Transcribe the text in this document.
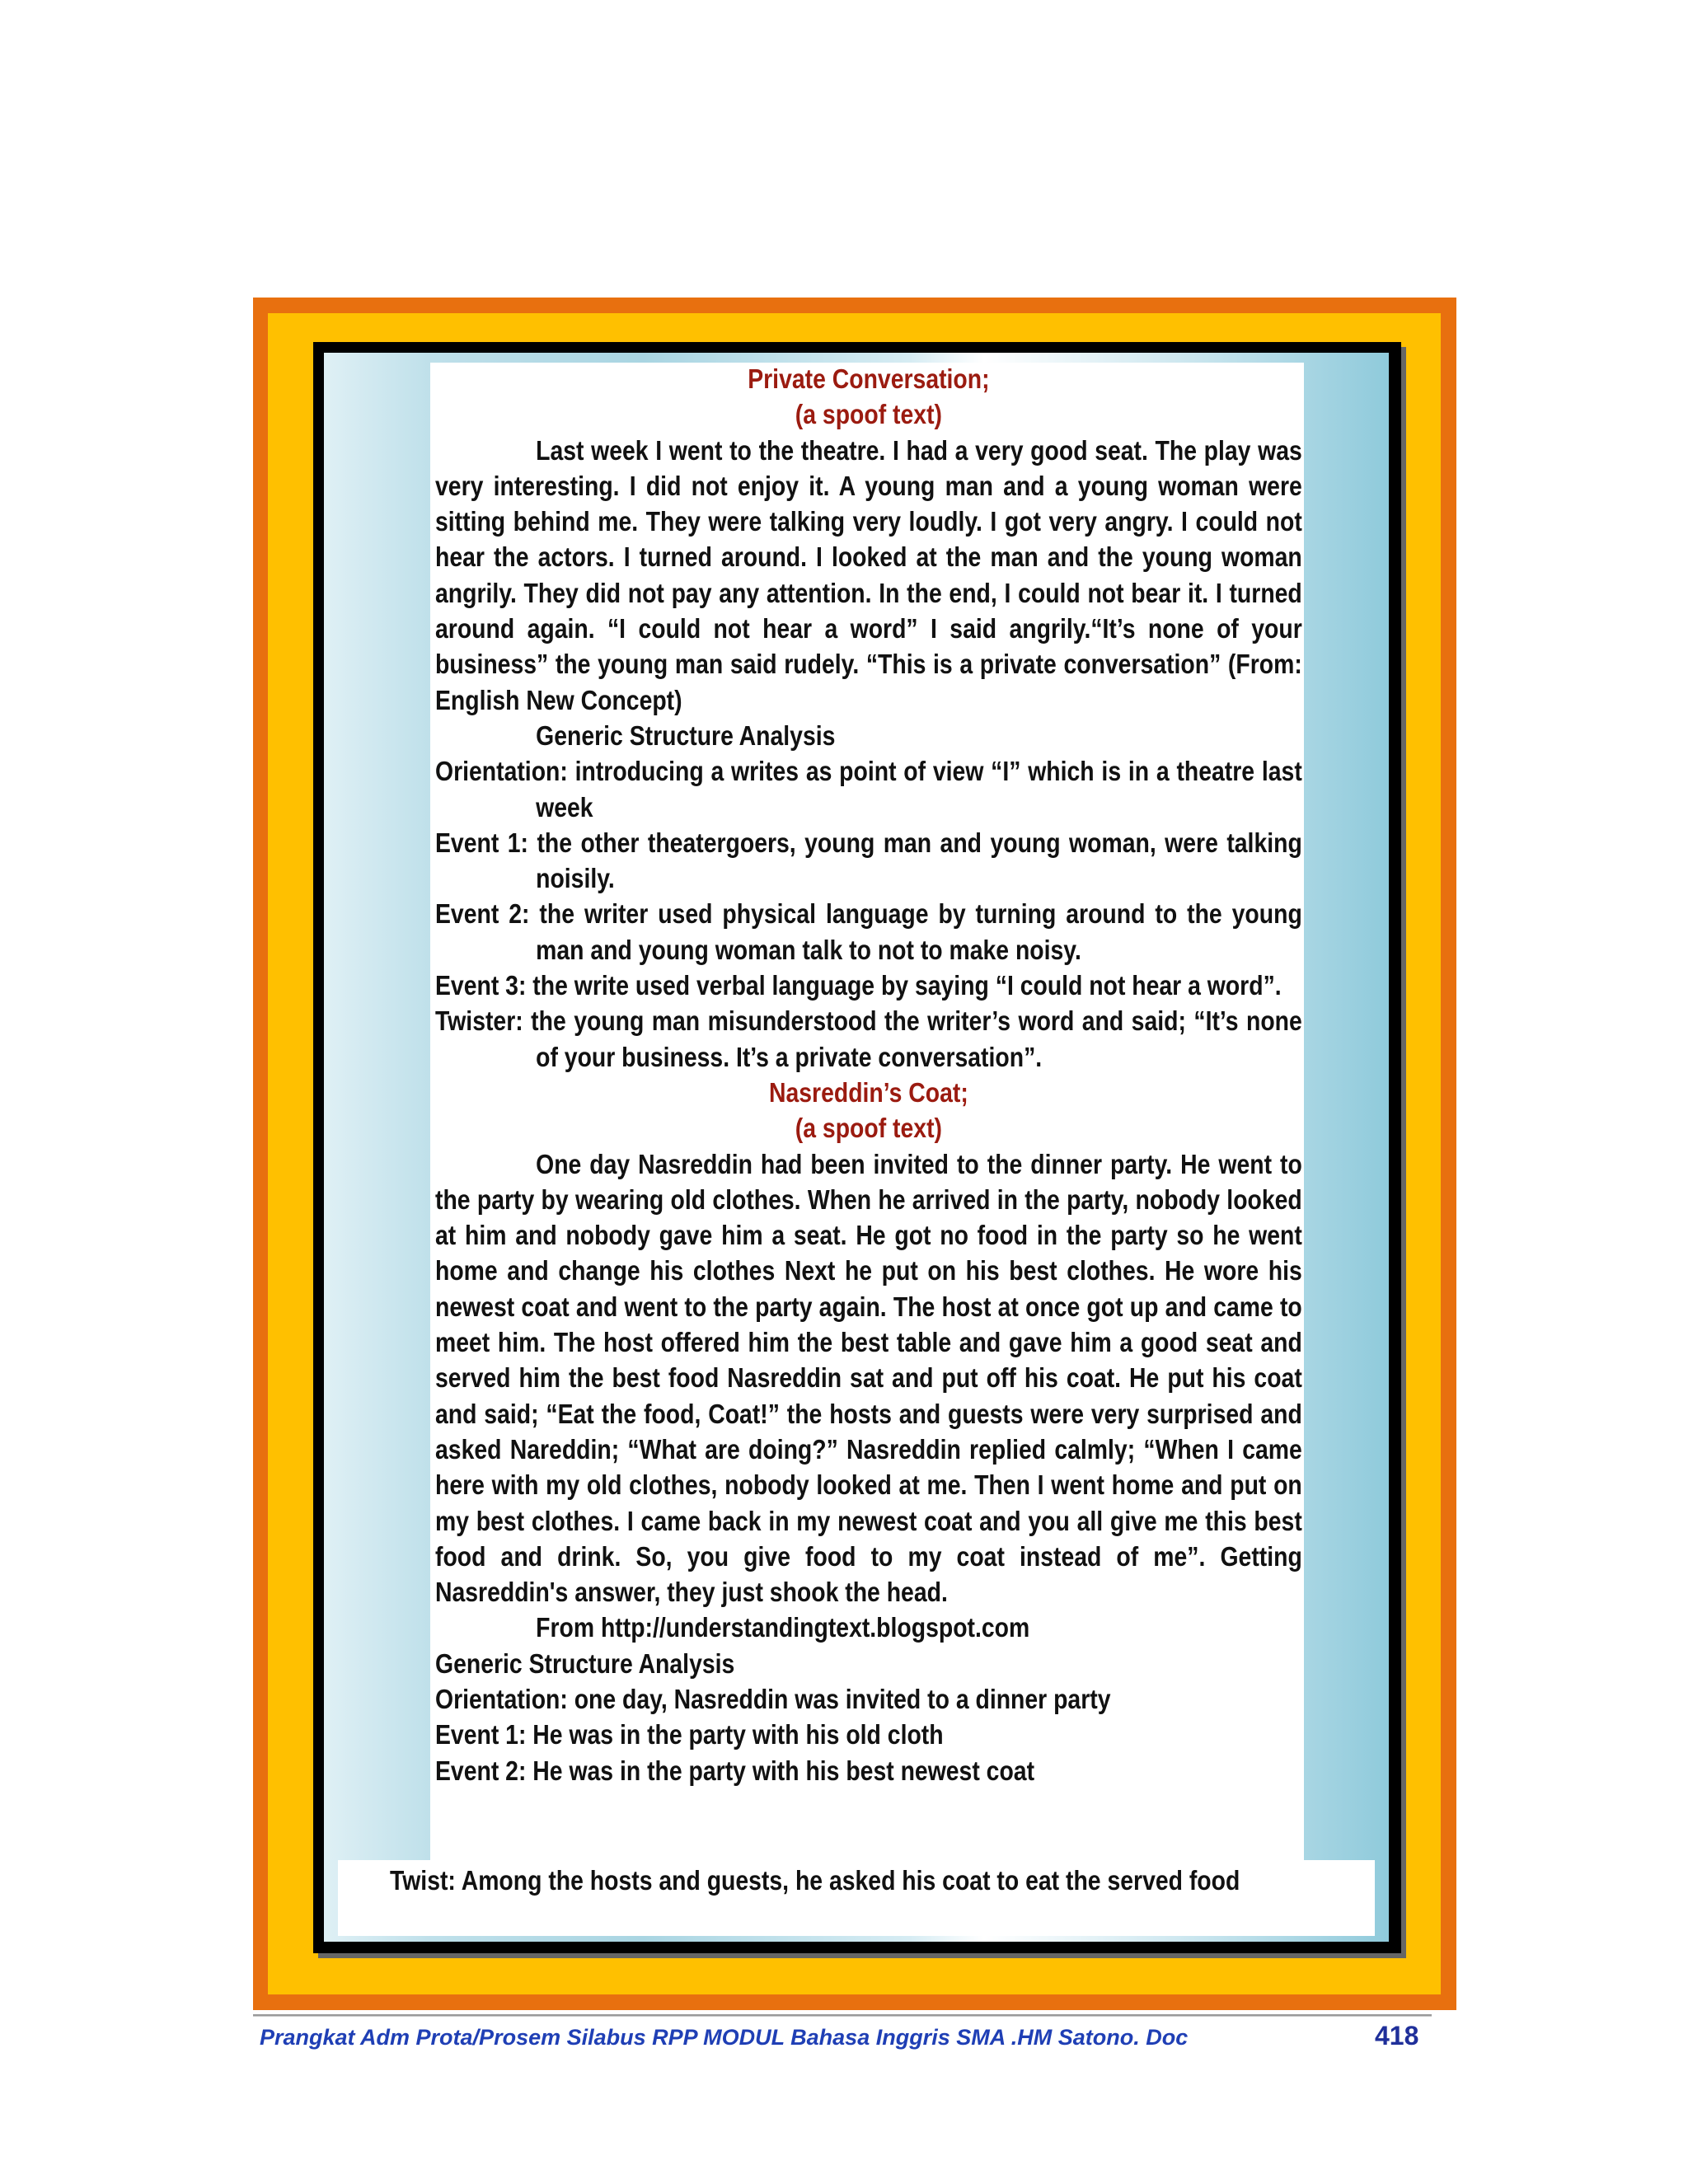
Private Conversation;
(a spoof text)

Last week I went to the theatre. I had a very good seat. The play was very interesting. I did not enjoy it. A young man and a young woman were sitting behind me. They were talking very loudly. I got very angry. I could not hear the actors. I turned around. I looked at the man and the young woman angrily. They did not pay any attention. In the end, I could not bear it. I turned around again. “I could not hear a word” I said angrily.“It’s none of your business” the young man said rudely. “This is a private conversation” (From: English New Concept)

Generic Structure Analysis

Orientation: introducing a writes as point of view “I” which is in a theatre last week

Event 1: the other theatergoers, young man and young woman, were talking noisily.

Event 2: the writer used physical language by turning around to the young man and young woman talk to not to make noisy.

Event 3: the write used verbal language by saying “I could not hear a word”.

Twister: the young man misunderstood the writer’s word and said; “It’s none of your business. It’s a private conversation”.

Nasreddin’s Coat;
(a spoof text)

One day Nasreddin had been invited to the dinner party. He went to the party by wearing old clothes. When he arrived in the party, nobody looked at him and nobody gave him a seat. He got no food in the party so he went home and change his clothes Next he put on his best clothes. He wore his newest coat and went to the party again. The host at once got up and came to meet him. The host offered him the best table and gave him a good seat and served him the best food Nasreddin sat and put off his coat. He put his coat and said; “Eat the food, Coat!” the hosts and guests were very surprised and asked Nareddin; “What are doing?” Nasreddin replied calmly; “When I came here with my old clothes, nobody looked at me. Then I went home and put on my best clothes. I came back in my newest coat and you all give me this best food and drink. So, you give food to my coat instead of me”. Getting Nasreddin's answer, they just shook the head.

From http://understandingtext.blogspot.com

Generic Structure Analysis

Orientation: one day, Nasreddin was invited to a dinner party

Event 1: He was in the party with his old cloth

Event 2: He was in the party with his best newest coat

Twist: Among the hosts and guests, he asked his coat to eat the served food
Prangkat Adm Prota/Prosem Silabus RPP MODUL Bahasa Inggris SMA .HM Satono. Doc	418
